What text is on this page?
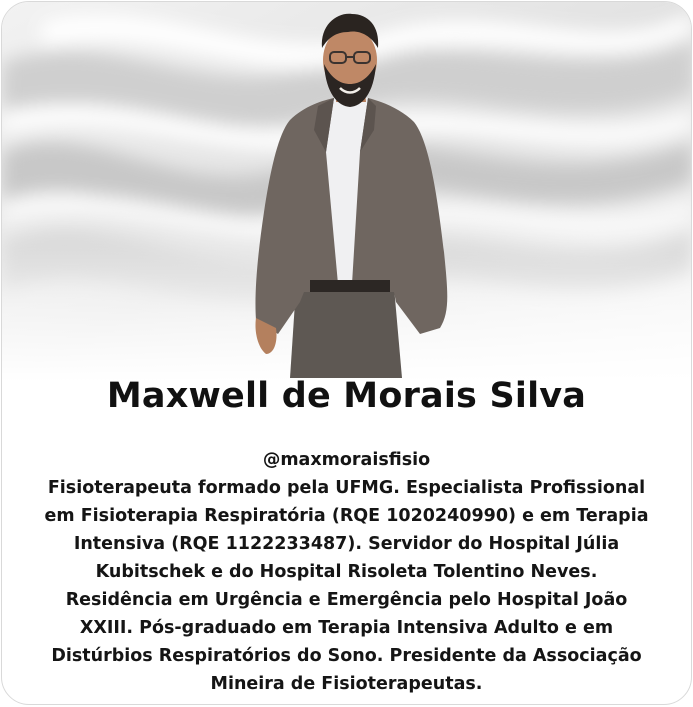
Maxwell de Morais Silva
@maxmoraisfisio
Fisioterapeuta formado pela UFMG. Especialista Profissional em Fisioterapia Respiratória (RQE 1020240990) e em Terapia Intensiva (RQE 1122233487). Servidor do Hospital Júlia Kubitschek e do Hospital Risoleta Tolentino Neves. Residência em Urgência e Emergência pelo Hospital João XXIII. Pós-graduado em Terapia Intensiva Adulto e em Distúrbios Respiratórios do Sono. Presidente da Associação Mineira de Fisioterapeutas.
